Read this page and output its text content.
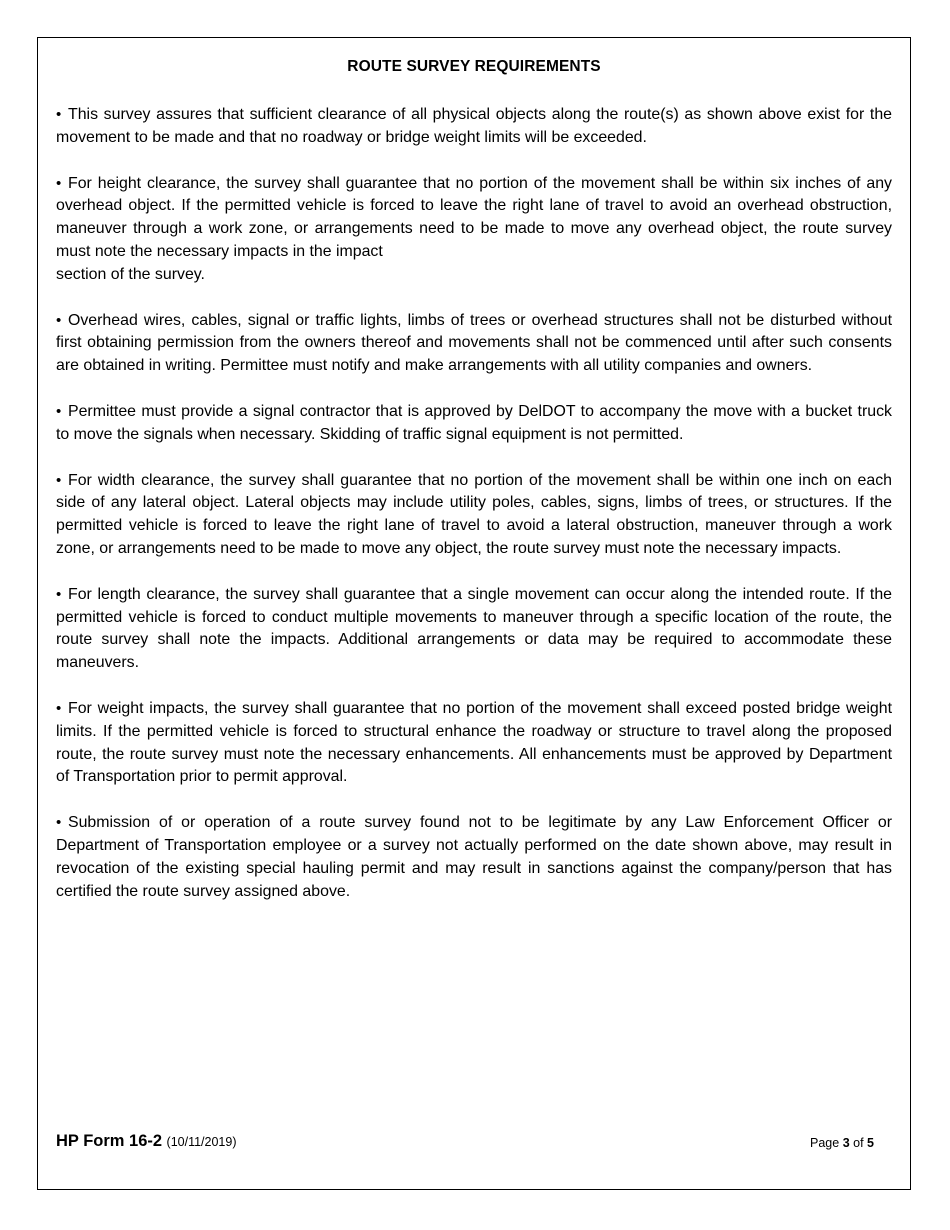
ROUTE SURVEY REQUIREMENTS

• This survey assures that sufficient clearance of all physical objects along the route(s) as shown above exist for the movement to be made and that no roadway or bridge weight limits will be exceeded.

• For height clearance, the survey shall guarantee that no portion of the movement shall be within six inches of any overhead object. If the permitted vehicle is forced to leave the right lane of travel to avoid an overhead obstruction, maneuver through a work zone, or arrangements need to be made to move any overhead object, the route survey must note the necessary impacts in the impact
section of the survey.

• Overhead wires, cables, signal or traffic lights, limbs of trees or overhead structures shall not be disturbed without first obtaining permission from the owners thereof and movements shall not be commenced until after such consents are obtained in writing. Permittee must notify and make arrangements with all utility companies and owners.

• Permittee must provide a signal contractor that is approved by DelDOT to accompany the move with a bucket truck to move the signals when necessary. Skidding of traffic signal equipment is not permitted.

• For width clearance, the survey shall guarantee that no portion of the movement shall be within one inch on each side of any lateral object. Lateral objects may include utility poles, cables, signs, limbs of trees, or structures. If the permitted vehicle is forced to leave the right lane of travel to avoid a lateral obstruction, maneuver through a work zone, or arrangements need to be made to move any object, the route survey must note the necessary impacts.

• For length clearance, the survey shall guarantee that a single movement can occur along the intended route. If the permitted vehicle is forced to conduct multiple movements to maneuver through a specific location of the route, the route survey shall note the impacts. Additional arrangements or data may be required to accommodate these maneuvers.

• For weight impacts, the survey shall guarantee that no portion of the movement shall exceed posted bridge weight limits. If the permitted vehicle is forced to structural enhance the roadway or structure to travel along the proposed route, the route survey must note the necessary enhancements. All enhancements must be approved by Department of Transportation prior to permit approval.

• Submission of or operation of a route survey found not to be legitimate by any Law Enforcement Officer or Department of Transportation employee or a survey not actually performed on the date shown above, may result in revocation of the existing special hauling permit and may result in sanctions against the company/person that has certified the route survey assigned above.

HP Form 16-2 (10/11/2019)	Page 3 of 5
